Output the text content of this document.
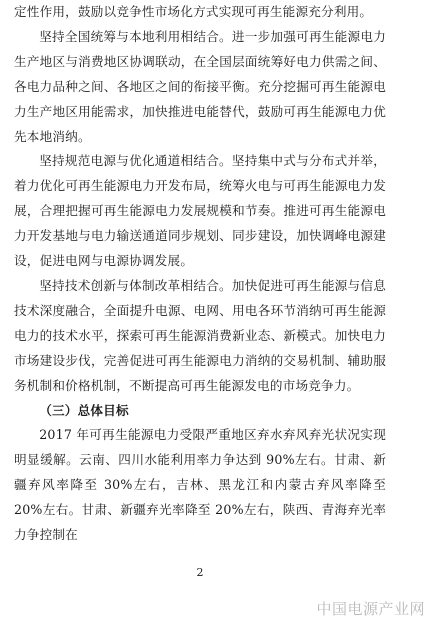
定性作用，鼓励以竞争性市场化方式实现可再生能源充分利用。

坚持全国统筹与本地利用相结合。进一步加强可再生能源电力生产地区与消费地区协调联动，在全国层面统筹好电力供需之间、各电力品种之间、各地区之间的衔接平衡。充分挖掘可再生能源电力生产地区用能需求，加快推进电能替代，鼓励可再生能源电力优先本地消纳。

坚持规范电源与优化通道相结合。坚持集中式与分布式并举，着力优化可再生能源电力开发布局，统筹火电与可再生能源电力发展，合理把握可再生能源电力发展规模和节奏。推进可再生能源电力开发基地与电力输送通道同步规划、同步建设，加快调峰电源建设，促进电网与电源协调发展。

坚持技术创新与体制改革相结合。加快促进可再生能源与信息技术深度融合，全面提升电源、电网、用电各环节消纳可再生能源电力的技术水平，探索可再生能源消费新业态、新模式。加快电力市场建设步伐，完善促进可再生能源电力消纳的交易机制、辅助服务机制和价格机制，不断提高可再生能源发电的市场竞争力。

（三）总体目标

2017 年可再生能源电力受限严重地区弃水弃风弃光状况实现明显缓解。云南、四川水能利用率力争达到 90%左右。甘肃、新疆弃风率降至 30%左右，吉林、黑龙江和内蒙古弃风率降至 20%左右。甘肃、新疆弃光率降至 20%左右，陕西、青海弃光率力争控制在

2
中国电源产业网
